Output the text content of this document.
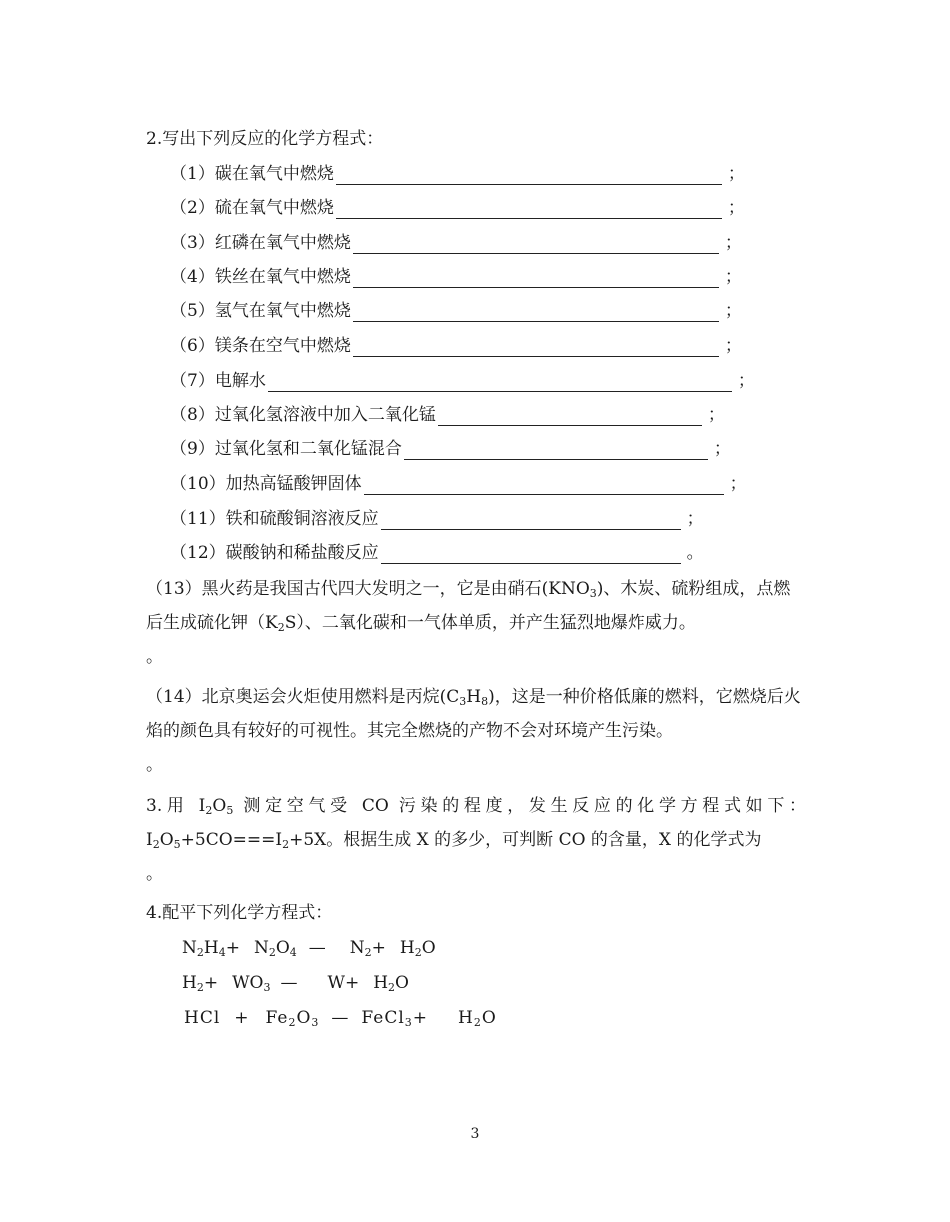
2.写出下列反应的化学方程式：
（1）碳在氧气中燃烧	；
（2）硫在氧气中燃烧	；
（3）红磷在氧气中燃烧	；
（4）铁丝在氧气中燃烧	；
（5）氢气在氧气中燃烧	；
（6）镁条在空气中燃烧	；
（7）电解水	；
（8）过氧化氢溶液中加入二氧化锰	；
（9）过氧化氢和二氧化锰混合	；
（10）加热高锰酸钾固体	；
（11）铁和硫酸铜溶液反应	；
（12）碳酸钠和稀盐酸反应	。

（13）黑火药是我国古代四大发明之一，它是由硝石$(KNO_3)$、木炭、硫粉组成，点燃后生成硫化钾$(K_2S)$、二氧化碳和一气体单质，并产生猛烈地爆炸威力。

。

（14）北京奥运会火炬使用燃料是丙烷$(C_3H_8)$，这是一种价格低廉的燃料，它燃烧后火焰的颜色具有较好的可视性。其完全燃烧的产物不会对环境产生污染。

。

3.用 $I_2O_5$ 测定空气受 CO 污染的程度，发生反应的化学方程式如下：$I_2O_5+5CO===I_2+5X$。根据生成 X 的多少，可判断 CO 的含量，X 的化学式为

。

4.配平下列化学方程式：
$N_2H_4+ N_2O_4$ — $N_2+ H_2O$
$H_2+ WO_3$ — $W+ H_2O$
HCl + $Fe_2O_3$ — FeCl$_3$+ $H_2O$
3
